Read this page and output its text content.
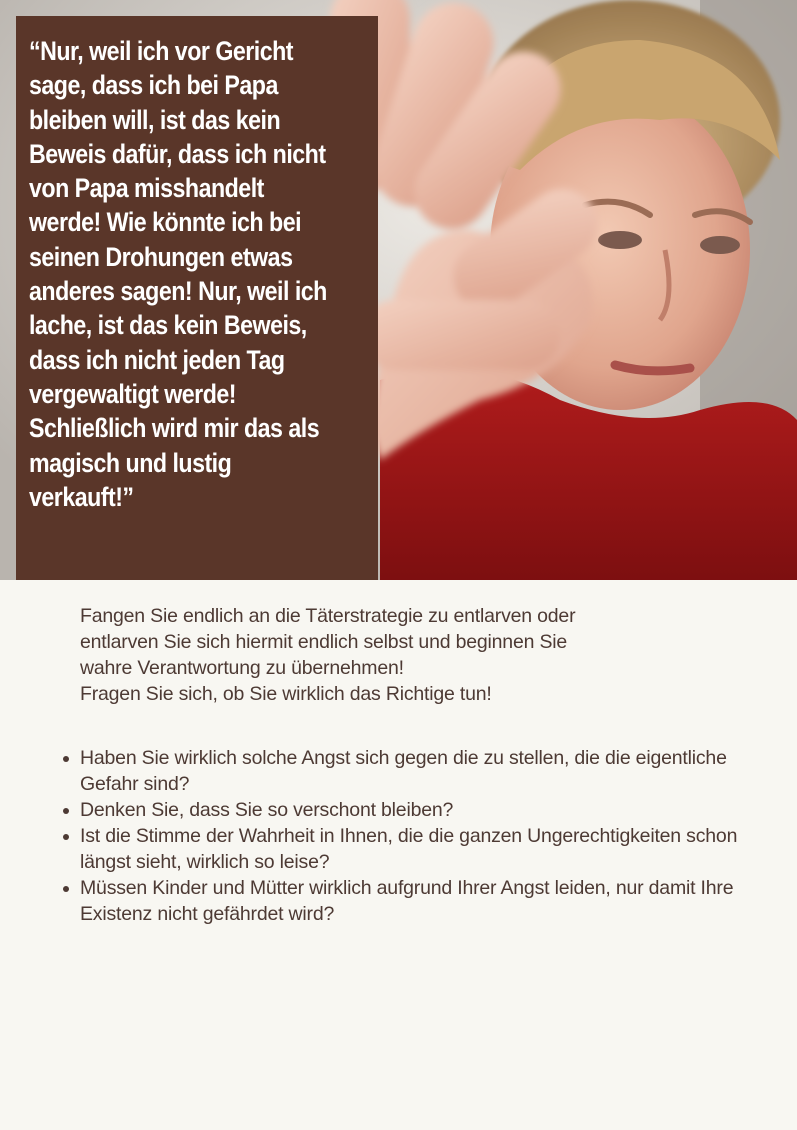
“Nur, weil ich vor Gericht
sage, dass ich bei Papa
bleiben will, ist das kein
Beweis dafür, dass ich nicht
von Papa misshandelt
werde! Wie könnte ich bei
seinen Drohungen etwas
anderes sagen! Nur, weil ich
lache, ist das kein Beweis,
dass ich nicht jeden Tag
vergewaltigt werde!
Schließlich wird mir das als
magisch und lustig
verkauft!”

Fangen Sie endlich an die Täterstrategie zu entlarven oder
entlarven Sie sich hiermit endlich selbst und beginnen Sie
wahre Verantwortung zu übernehmen!
Fragen Sie sich, ob Sie wirklich das Richtige tun!

Haben Sie wirklich solche Angst sich gegen die zu stellen, die die eigentliche Gefahr sind?
Denken Sie, dass Sie so verschont bleiben?
Ist die Stimme der Wahrheit in Ihnen, die die ganzen Ungerechtigkeiten schon längst sieht, wirklich so leise?
Müssen Kinder und Mütter wirklich aufgrund Ihrer Angst leiden, nur damit Ihre Existenz nicht gefährdet wird?
